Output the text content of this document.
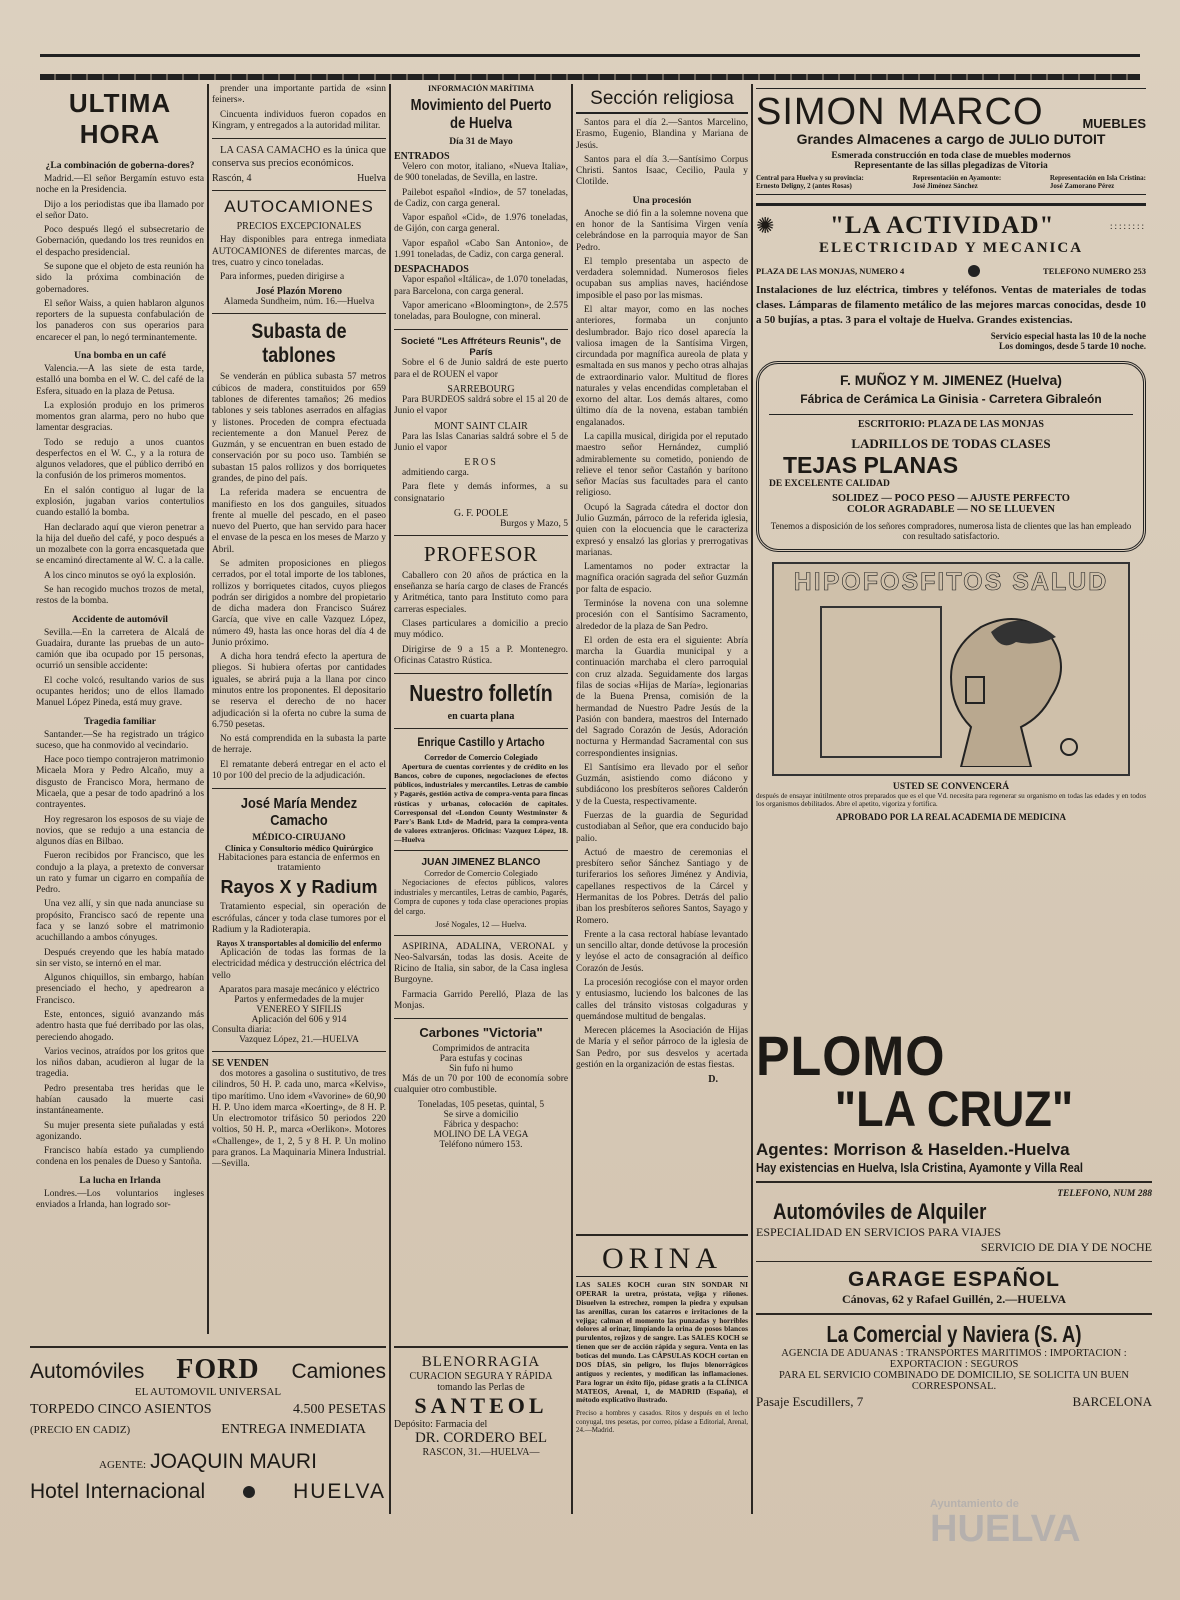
ULTIMA HORA
¿La combinación de goberna-dores?

Madrid.—El señor Bergamín estuvo esta noche en la Presidencia.

Dijo a los periodistas que iba llamado por el señor Dato.

Poco después llegó el subsecretario de Gobernación, quedando los tres reunidos en el despacho presidencial.

Se supone que el objeto de esta reunión ha sido la próxima combinación de gobernadores.

El señor Waiss, a quien hablaron algunos reporters de la supuesta confabulación de los panaderos con sus operarios para encarecer el pan, lo negó terminantemente.

Una bomba en un café

Valencia.—A las siete de esta tarde, estalló una bomba en el W. C. del café de la Esfera, situado en la plaza de Petusa.

La explosión produjo en los primeros momentos gran alarma, pero no hubo que lamentar desgracias.

Todo se redujo a unos cuantos desperfectos en el W. C., y a la rotura de algunos veladores, que el público derribó en la confusión de los primeros momentos.

En el salón contiguo al lugar de la explosión, jugaban varios contertulios cuando estalló la bomba.

Han declarado aquí que vieron penetrar a la hija del dueño del café, y poco después a un mozalbete con la gorra encasquetada que se encaminó directamente al W. C. a la calle.

A los cinco minutos se oyó la explosión.

Se han recogido muchos trozos de metal, restos de la bomba.

Accidente de automóvil

Sevilla.—En la carretera de Alcalá de Guadaira, durante las pruebas de un auto-camión que iba ocupado por 15 personas, ocurrió un sensible accidente:

El coche volcó, resultando varios de sus ocupantes heridos; uno de ellos llamado Manuel López Pineda, está muy grave.

Tragedia familiar

Santander.—Se ha registrado un trágico suceso, que ha conmovido al vecindario.

Hace poco tiempo contrajeron matrimonio Micaela Mora y Pedro Alcaño, muy a disgusto de Francisco Mora, hermano de Micaela, que a pesar de todo apadrinó a los contrayentes.

Hoy regresaron los esposos de su viaje de novios, que se redujo a una estancia de algunos días en Bilbao.

Fueron recibidos por Francisco, que les condujo a la playa, a pretexto de conversar un rato y fumar un cigarro en compañía de Pedro.

Una vez allí, y sin que nada anunciase su propósito, Francisco sacó de repente una faca y se lanzó sobre el matrimonio acuchillando a ambos cónyuges.

Después creyendo que les había matado sin ser visto, se internó en el mar.

Algunos chiquillos, sin embargo, habían presenciado el hecho, y apedrearon a Francisco.

Este, entonces, siguió avanzando más adentro hasta que fué derribado por las olas, pereciendo ahogado.

Varios vecinos, atraídos por los gritos que los niños daban, acudieron al lugar de la tragedia.

Pedro presentaba tres heridas que le habían causado la muerte casi instantáneamente.

Su mujer presenta siete puñaladas y está agonizando.

Francisco había estado ya cumpliendo condena en los penales de Dueso y Santoña.

La lucha en Irlanda

Londres.—Los voluntarios ingleses enviados a Irlanda, han logrado sor-

prender una importante partida de «sinn feiners».

Cincuenta individuos fueron copados en Kingram, y entregados a la autoridad militar.

LA CASA CAMACHO es la única que conserva sus precios económicos.

Rascón, 4	Huelva
AUTOCAMIONES
PRECIOS EXCEPCIONALES

Hay disponibles para entrega inmediata AUTOCAMIONES de diferentes marcas, de tres, cuatro y cinco toneladas.

Para informes, pueden dirigirse a

José Plazón Moreno
Alameda Sundheim, núm. 16.—Huelva
Subasta de tablones

Se venderán en pública subasta 57 metros cúbicos de madera, constituidos por 659 tablones de diferentes tamaños; 26 medios tablones y seis tablones aserrados en alfagias y listones. Proceden de compra efectuada recientemente a don Manuel Perez de Guzmán, y se encuentran en buen estado de conservación por su poco uso. También se subastan 15 palos rollizos y dos borriquetes grandes, de pino del país.

La referida madera se encuentra de manifiesto en los dos ganguiles, situados frente al muelle del pescado, en el paseo nuevo del Puerto, que han servido para hacer el envase de la pesca en los meses de Marzo y Abril.

Se admiten proposiciones en pliegos cerrados, por el total importe de los tablones, rollizos y borriquetes citados, cuyos pliegos podrán ser dirigidos a nombre del propietario de dicha madera don Francisco Suárez García, que vive en calle Vazquez López, número 49, hasta las once horas del día 4 de Junio próximo.

A dicha hora tendrá efecto la apertura de pliegos. Si hubiera ofertas por cantidades iguales, se abrirá puja a la llana por cinco minutos entre los proponentes. El depositario se reserva el derecho de no hacer adjudicación si la oferta no cubre la suma de 6.750 pesetas.

No está comprendida en la subasta la parte de herraje.

El rematante deberá entregar en el acto el 10 por 100 del precio de la adjudicación.

José María Mendez Camacho
MÉDICO-CIRUJANO
Clínica y Consultorio médico Quirúrgico
Habitaciones para estancia de enfermos en tratamiento
Rayos X y Radium

Tratamiento especial, sin operación de escrófulas, cáncer y toda clase tumores por el Radium y la Radioterapia.

Rayos X transportables al domicilio del enfermo

Aplicación de todas las formas de la electricidad médica y destrucción eléctrica del vello

Aparatos para masaje mecánico y eléctrico
Partos y enfermedades de la mujer
VENEREO Y SIFILIS
Aplicación del 606 y 914
Consulta diaria:
Vazquez López, 21.—HUELVA
SE VENDEN

dos motores a gasolina o sustitutivo, de tres cilindros, 50 H. P. cada uno, marca «Kelvis», tipo marítimo. Uno idem «Vavorine» de 60,90 H. P. Uno idem marca «Koerting», de 8 H. P. Un electromotor trifásico 50 periodos 220 voltios, 50 H. P., marca «Oerlikon». Motores «Challenge», de 1, 2, 5 y 8 H. P. Un molino para granos. La Maquinaria Minera Industrial.—Sevilla.

INFORMACIÓN MARÍTIMA
Movimiento del Puerto de Huelva
Día 31 de Mayo
ENTRADOS

Velero con motor, italiano, «Nueva Italia», de 900 toneladas, de Sevilla, en lastre.

Pailebot español «Indio», de 57 toneladas, de Cadiz, con carga general.

Vapor español «Cid», de 1.976 toneladas, de Gijón, con carga general.

Vapor español «Cabo San Antonio», de 1.991 toneladas, de Cadiz, con carga general.

DESPACHADOS

Vapor español «Itálica», de 1.070 toneladas, para Barcelona, con carga general.

Vapor americano «Bloomington», de 2.575 toneladas, para Boulogne, con mineral.

Societé "Les Affréteurs Reunis", de París

Sobre el 6 de Junio saldrá de este puerto para el de ROUEN el vapor

SARREBOURG

Para BURDEOS saldrá sobre el 15 al 20 de Junio el vapor

MONT SAINT CLAIR

Para las Islas Canarias saldrá sobre el 5 de Junio el vapor

EROS

admitiendo carga.

Para flete y demás informes, a su consignatario

G. F. POOLE
Burgos y Mazo, 5
PROFESOR

Caballero con 20 años de práctica en la enseñanza se haría cargo de clases de Francés y Aritmética, tanto para Instituto como para carreras especiales.

Clases particulares a domicilio a precio muy módico.

Dirigirse de 9 a 15 a P. Montenegro. Oficinas Catastro Rústica.

Nuestro folletín
en cuarta plana
Enrique Castillo y Artacho
Corredor de Comercio Colegiado

Apertura de cuentas corrientes y de crédito en los Bancos, cobro de cupones, negociaciones de efectos públicos, industriales y mercantiles. Letras de cambio y Pagarés, gestión activa de compra-venta para fincas rústicas y urbanas, colocación de capitales. Corresponsal del «London County Westminster & Parr's Bank Ltd» de Madrid, para la compra-venta de valores extranjeros. Oficinas: Vazquez López, 18.—Huelva

JUAN JIMENEZ BLANCO
Corredor de Comercio Colegiado

Negociaciones de efectos públicos, valores industriales y mercantiles, Letras de cambio, Pagarés, Compra de cupones y toda clase operaciones propias del cargo.

José Nogales, 12 — Huelva.

ASPIRINA, ADALINA, VERONAL y Neo-Salvarsán, todas las dosis. Aceite de Ricino de Italia, sin sabor, de la Casa inglesa Burgoyne.

Farmacia Garrido Perelló, Plaza de las Monjas.

Carbones "Victoria"
Comprimidos de antracita
Para estufas y cocinas
Sin fufo ni humo

Más de un 70 por 100 de economía sobre cualquier otro combustible.

Toneladas, 105 pesetas, quintal, 5
Se sirve a domicilio
Fábrica y despacho:
MOLINO DE LA VEGA
Teléfono número 153.
Sección religiosa

Santos para el día 2.—Santos Marcelino, Erasmo, Eugenio, Blandina y Mariana de Jesús.

Santos para el día 3.—Santísimo Corpus Christi. Santos Isaac, Cecilio, Paula y Clotilde.

Una procesión

Anoche se dió fin a la solemne novena que en honor de la Santísima Virgen venía celebrándose en la parroquia mayor de San Pedro.

El templo presentaba un aspecto de verdadera solemnidad. Numerosos fieles ocupaban sus amplias naves, haciéndose imposible el paso por las mismas.

El altar mayor, como en las noches anteriores, formaba un conjunto deslumbrador. Bajo rico dosel aparecía la valiosa imagen de la Santísima Virgen, circundada por magnífica aureola de plata y esmaltada en sus manos y pecho otras alhajas de extraordinario valor. Multitud de flores naturales y velas encendidas completaban el exorno del altar. Los demás altares, como último día de la novena, estaban también engalanados.

La capilla musical, dirigida por el reputado maestro señor Hernández, cumplió admirablemente su cometido, poniendo de relieve el tenor señor Castañón y barítono señor Macías sus facultades para el canto religioso.

Ocupó la Sagrada cátedra el doctor don Julio Guzmán, párroco de la referida iglesia, quien con la elocuencia que le caracteriza expresó y ensalzó las glorias y prerrogativas marianas.

Lamentamos no poder extractar la magnífica oración sagrada del señor Guzmán por falta de espacio.

Terminóse la novena con una solemne procesión con el Santísimo Sacramento, alrededor de la plaza de San Pedro.

El orden de esta era el siguiente: Abría marcha la Guardia municipal y a continuación marchaba el clero parroquial con cruz alzada. Seguidamente dos largas filas de socias «Hijas de María», legionarias de la Buena Prensa, comisión de la hermandad de Nuestro Padre Jesús de la Pasión con bandera, maestros del Internado del Sagrado Corazón de Jesús, Adoración nocturna y Hermandad Sacramental con sus correspondientes insignias.

El Santísimo era llevado por el señor Guzmán, asistiendo como diácono y subdiácono los presbíteros señores Calderón y de la Cuesta, respectivamente.

Fuerzas de la guardia de Seguridad custodiaban al Señor, que era conducido bajo palio.

Actuó de maestro de ceremonias el presbítero señor Sánchez Santiago y de turiferarios los señores Jiménez y Andivia, capellanes respectivos de la Cárcel y Hermanitas de los Pobres. Detrás del palio iban los presbíteros señores Santos, Sayago y Romero.

Frente a la casa rectoral habíase levantado un sencillo altar, donde detúvose la procesión y leyóse el acto de consagración al deífico Corazón de Jesús.

La procesión recogióse con el mayor orden y entusiasmo, luciendo los balcones de las calles del tránsito vistosas colgaduras y quemándose multitud de bengalas.

Merecen plácemes la Asociación de Hijas de María y el señor párroco de la iglesia de San Pedro, por sus desvelos y acertada gestión en la organización de estas fiestas.

D.
SIMON MARCO	MUEBLES
Grandes Almacenes a cargo de JULIO DUTOIT
Esmerada construcción en toda clase de muebles modernos
Representante de las sillas plegadizas de Vitoria
Central para Huelva y su provincia:
Ernesto Deligny, 2 (antes Rosas)
Representación en Ayamonte:
José Jiménez Sánchez
Representación en Isla Cristina:
José Zamorano Pérez
✺ "LA ACTIVIDAD"	::::::::
ELECTRICIDAD Y MECANICA
PLAZA DE LAS MONJAS, NUMERO 4	TELEFONO NUMERO 253

Instalaciones de luz eléctrica, timbres y teléfonos. Ventas de materiales de todas clases. Lámparas de filamento metálico de las mejores marcas conocidas, desde 10 a 50 bujías, a ptas. 3 para el voltaje de Huelva. Grandes existencias.

Servicio especial hasta las 10 de la noche
Los domingos, desde 5 tarde 10 noche.
F. MUÑOZ Y M. JIMENEZ (Huelva)
Fábrica de Cerámica La Ginisia - Carretera Gibraleón
ESCRITORIO: PLAZA DE LAS MONJAS
LADRILLOS DE TODAS CLASES
TEJAS PLANAS
DE EXCELENTE CALIDAD
SOLIDEZ — POCO PESO — AJUSTE PERFECTO
COLOR AGRADABLE — NO SE LLUEVEN
Tenemos a disposición de los señores compradores, numerosa lista de clientes que las han empleado con resultado satisfactorio.
HIPOFOSFITOS SALUD
USTED SE CONVENCERÁ

después de ensayar inútilmente otros preparados que es el que Vd. necesita para regenerar su organismo en todas las edades y en todos los organismos debilitados. Abre el apetito, vigoriza y fortifica.

APROBADO POR LA REAL ACADEMIA DE MEDICINA
PLOMO
"LA CRUZ"
Agentes: Morrison & Haselden.-Huelva
Hay existencias en Huelva, Isla Cristina, Ayamonte y Villa Real
TELEFONO, NUM 288
Automóviles de Alquiler
ESPECIALIDAD EN SERVICIOS PARA VIAJES
SERVICIO DE DIA Y DE NOCHE
GARAGE ESPAÑOL
Cánovas, 62 y Rafael Guillén, 2.—HUELVA
La Comercial y Naviera (S. A)
AGENCIA DE ADUANAS : TRANSPORTES MARITIMOS : IMPORTACION : EXPORTACION : SEGUROS
PARA EL SERVICIO COMBINADO DE DOMICILIO, SE SOLICITA UN BUEN CORRESPONSAL.
Pasaje Escudillers, 7	BARCELONA
Automóviles FORD Camiones
EL AUTOMOVIL UNIVERSAL
TORPEDO CINCO ASIENTOS	4.500 PESETAS
(PRECIO EN CADIZ)	ENTREGA INMEDIATA
AGENTE: JOAQUIN MAURI
Hotel Internacional	HUELVA
BLENORRAGIA
CURACION SEGURA Y RÁPIDA
tomando las Perlas de
SANTEOL
Depósito: Farmacia del
DR. CORDERO BEL
RASCON, 31.—HUELVA—
ORINA

LAS SALES KOCH curan SIN SONDAR NI OPERAR la uretra, próstata, vejiga y riñones. Disuelven la estrechez, rompen la piedra y expulsan las arenillas, curan los catarros e irritaciones de la vejiga; calman el momento las punzadas y horribles dolores al orinar, limpiando la orina de posos blancos purulentos, rojizos y de sangre. Las SALES KOCH se tienen que ser de acción rápida y segura. Venta en las boticas del mundo. Las CÁPSULAS KOCH cortan en DOS DÍAS, sin peligro, los flujos blenorrágicos antiguos y recientes, y modifican las inflamaciones. Para lograr un éxito fijo, pídase gratis a la CLÍNICA MATEOS, Arenal, 1, de MADRID (España), el método explicativo ilustrado.

Preciso a hombres y casados. Ritos y después en el lecho conyugal, tres pesetas, por correo, pídase a Editorial, Arenal, 24.—Madrid.

Ayuntamiento de
HUELVA
